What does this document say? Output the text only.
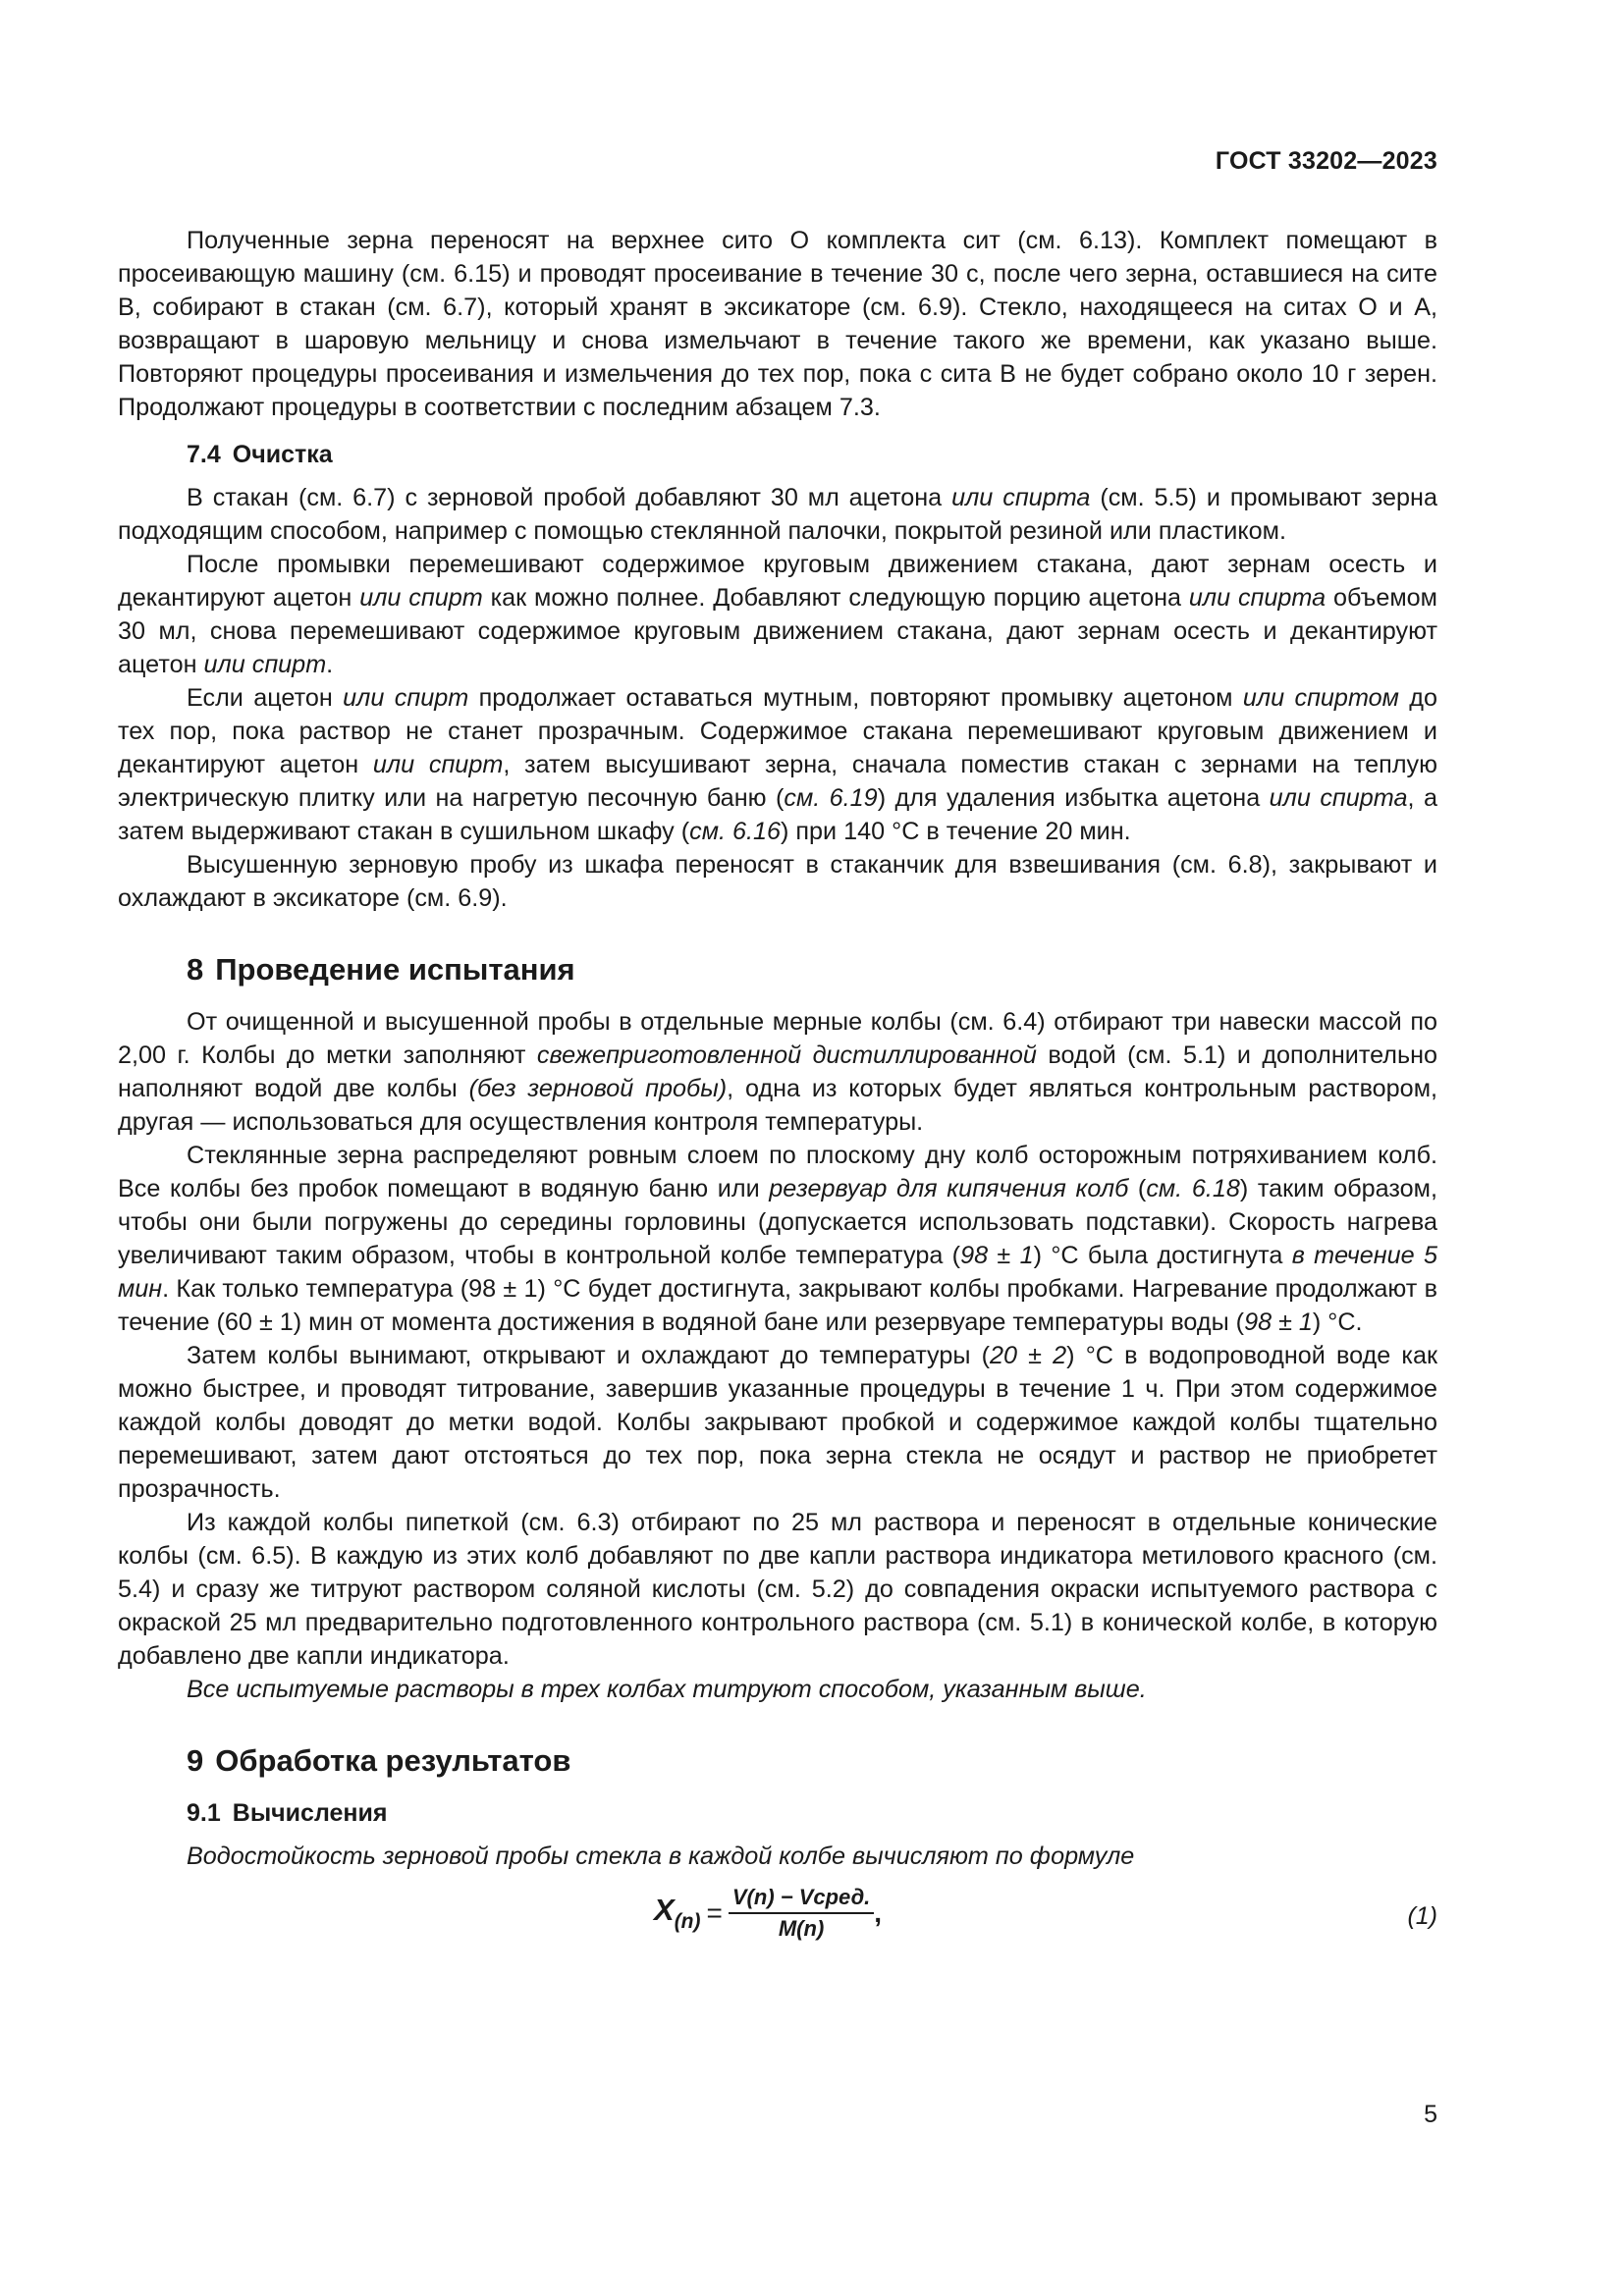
ГОСТ 33202—2023

Полученные зерна переносят на верхнее сито О комплекта сит (см. 6.13). Комплект помещают в просеивающую машину (см. 6.15) и проводят просеивание в течение 30 с, после чего зерна, оставшиеся на сите В, собирают в стакан (см. 6.7), который хранят в эксикаторе (см. 6.9). Стекло, находящееся на ситах О и А, возвращают в шаровую мельницу и снова измельчают в течение такого же времени, как указано выше. Повторяют процедуры просеивания и измельчения до тех пор, пока с сита В не будет собрано около 10 г зерен. Продолжают процедуры в соответствии с последним абзацем 7.3.

7.4 Очистка

В стакан (см. 6.7) с зерновой пробой добавляют 30 мл ацетона или спирта (см. 5.5) и промывают зерна подходящим способом, например с помощью стеклянной палочки, покрытой резиной или пластиком.

После промывки перемешивают содержимое круговым движением стакана, дают зернам осесть и декантируют ацетон или спирт как можно полнее. Добавляют следующую порцию ацетона или спирта объемом 30 мл, снова перемешивают содержимое круговым движением стакана, дают зернам осесть и декантируют ацетон или спирт.

Если ацетон или спирт продолжает оставаться мутным, повторяют промывку ацетоном или спиртом до тех пор, пока раствор не станет прозрачным. Содержимое стакана перемешивают круговым движением и декантируют ацетон или спирт, затем высушивают зерна, сначала поместив стакан с зернами на теплую электрическую плитку или на нагретую песочную баню (см. 6.19) для удаления избытка ацетона или спирта, а затем выдерживают стакан в сушильном шкафу (см. 6.16) при 140 °С в течение 20 мин.

Высушенную зерновую пробу из шкафа переносят в стаканчик для взвешивания (см. 6.8), закрывают и охлаждают в эксикаторе (см. 6.9).

8 Проведение испытания

От очищенной и высушенной пробы в отдельные мерные колбы (см. 6.4) отбирают три навески массой по 2,00 г. Колбы до метки заполняют свежеприготовленной дистиллированной водой (см. 5.1) и дополнительно наполняют водой две колбы (без зерновой пробы), одна из которых будет являться контрольным раствором, другая — использоваться для осуществления контроля температуры.

Стеклянные зерна распределяют ровным слоем по плоскому дну колб осторожным потряхиванием колб. Все колбы без пробок помещают в водяную баню или резервуар для кипячения колб (см. 6.18) таким образом, чтобы они были погружены до середины горловины (допускается использовать подставки). Скорость нагрева увеличивают таким образом, чтобы в контрольной колбе температура (98 ± 1) °С была достигнута в течение 5 мин. Как только температура (98 ± 1) °С будет достигнута, закрывают колбы пробками. Нагревание продолжают в течение (60 ± 1) мин от момента достижения в водяной бане или резервуаре температуры воды (98 ± 1) °С.

Затем колбы вынимают, открывают и охлаждают до температуры (20 ± 2) °С в водопроводной воде как можно быстрее, и проводят титрование, завершив указанные процедуры в течение 1 ч. При этом содержимое каждой колбы доводят до метки водой. Колбы закрывают пробкой и содержимое каждой колбы тщательно перемешивают, затем дают отстояться до тех пор, пока зерна стекла не осядут и раствор не приобретет прозрачность.

Из каждой колбы пипеткой (см. 6.3) отбирают по 25 мл раствора и переносят в отдельные конические колбы (см. 6.5). В каждую из этих колб добавляют по две капли раствора индикатора метилового красного (см. 5.4) и сразу же титруют раствором соляной кислоты (см. 5.2) до совпадения окраски испытуемого раствора с окраской 25 мл предварительно подготовленного контрольного раствора (см. 5.1) в конической колбе, в которую добавлено две капли индикатора.

Все испытуемые растворы в трех колбах титруют способом, указанным выше.

9 Обработка результатов
9.1 Вычисления

Водостойкость зерновой пробы стекла в каждой колбе вычисляют по формуле

$X_{(n)} = \frac{\text{V(n) − Vсред.}}{M(n)}$ ,	(1)
5
